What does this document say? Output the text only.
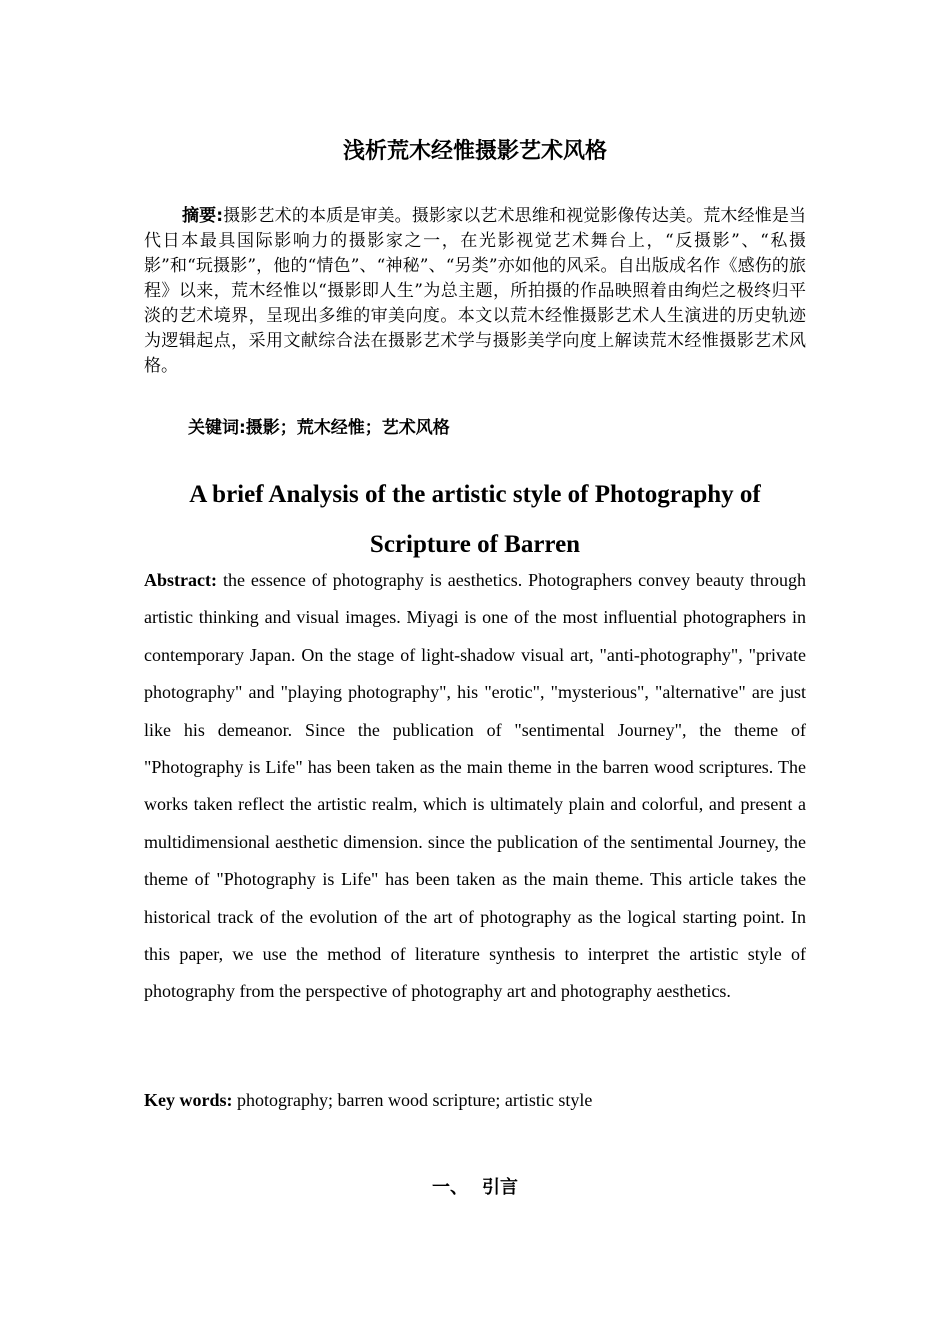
浅析荒木经惟摄影艺术风格

摘要:摄影艺术的本质是审美。摄影家以艺术思维和视觉影像传达美。荒木经惟是当代日本最具国际影响力的摄影家之一，在光影视觉艺术舞台上，“反摄影”、“私摄影”和“玩摄影”，他的“情色”、“神秘”、“另类”亦如他的风采。自出版成名作《感伤的旅程》以来，荒木经惟以“摄影即人生”为总主题，所拍摄的作品映照着由绚烂之极终归平淡的艺术境界，呈现出多维的审美向度。本文以荒木经惟摄影艺术人生演进的历史轨迹为逻辑起点，采用文献综合法在摄影艺术学与摄影美学向度上解读荒木经惟摄影艺术风格。

关键词:摄影；荒木经惟；艺术风格
A brief Analysis of the artistic style of Photography of Scripture of Barren

Abstract: the essence of photography is aesthetics. Photographers convey beauty through artistic thinking and visual images. Miyagi is one of the most influential photographers in contemporary Japan. On the stage of light-shadow visual art, "anti-photography", "private photography" and "playing photography", his "erotic", "mysterious", "alternative" are just like his demeanor. Since the publication of "sentimental Journey", the theme of "Photography is Life" has been taken as the main theme in the barren wood scriptures. The works taken reflect the artistic realm, which is ultimately plain and colorful, and present a multidimensional aesthetic dimension. since the publication of the sentimental Journey, the theme of "Photography is Life" has been taken as the main theme. This article takes the historical track of the evolution of the art of photography as the logical starting point. In this paper, we use the method of literature synthesis to interpret the artistic style of photography from the perspective of photography art and photography aesthetics.

Key words: photography; barren wood scripture; artistic style
一、 引言
